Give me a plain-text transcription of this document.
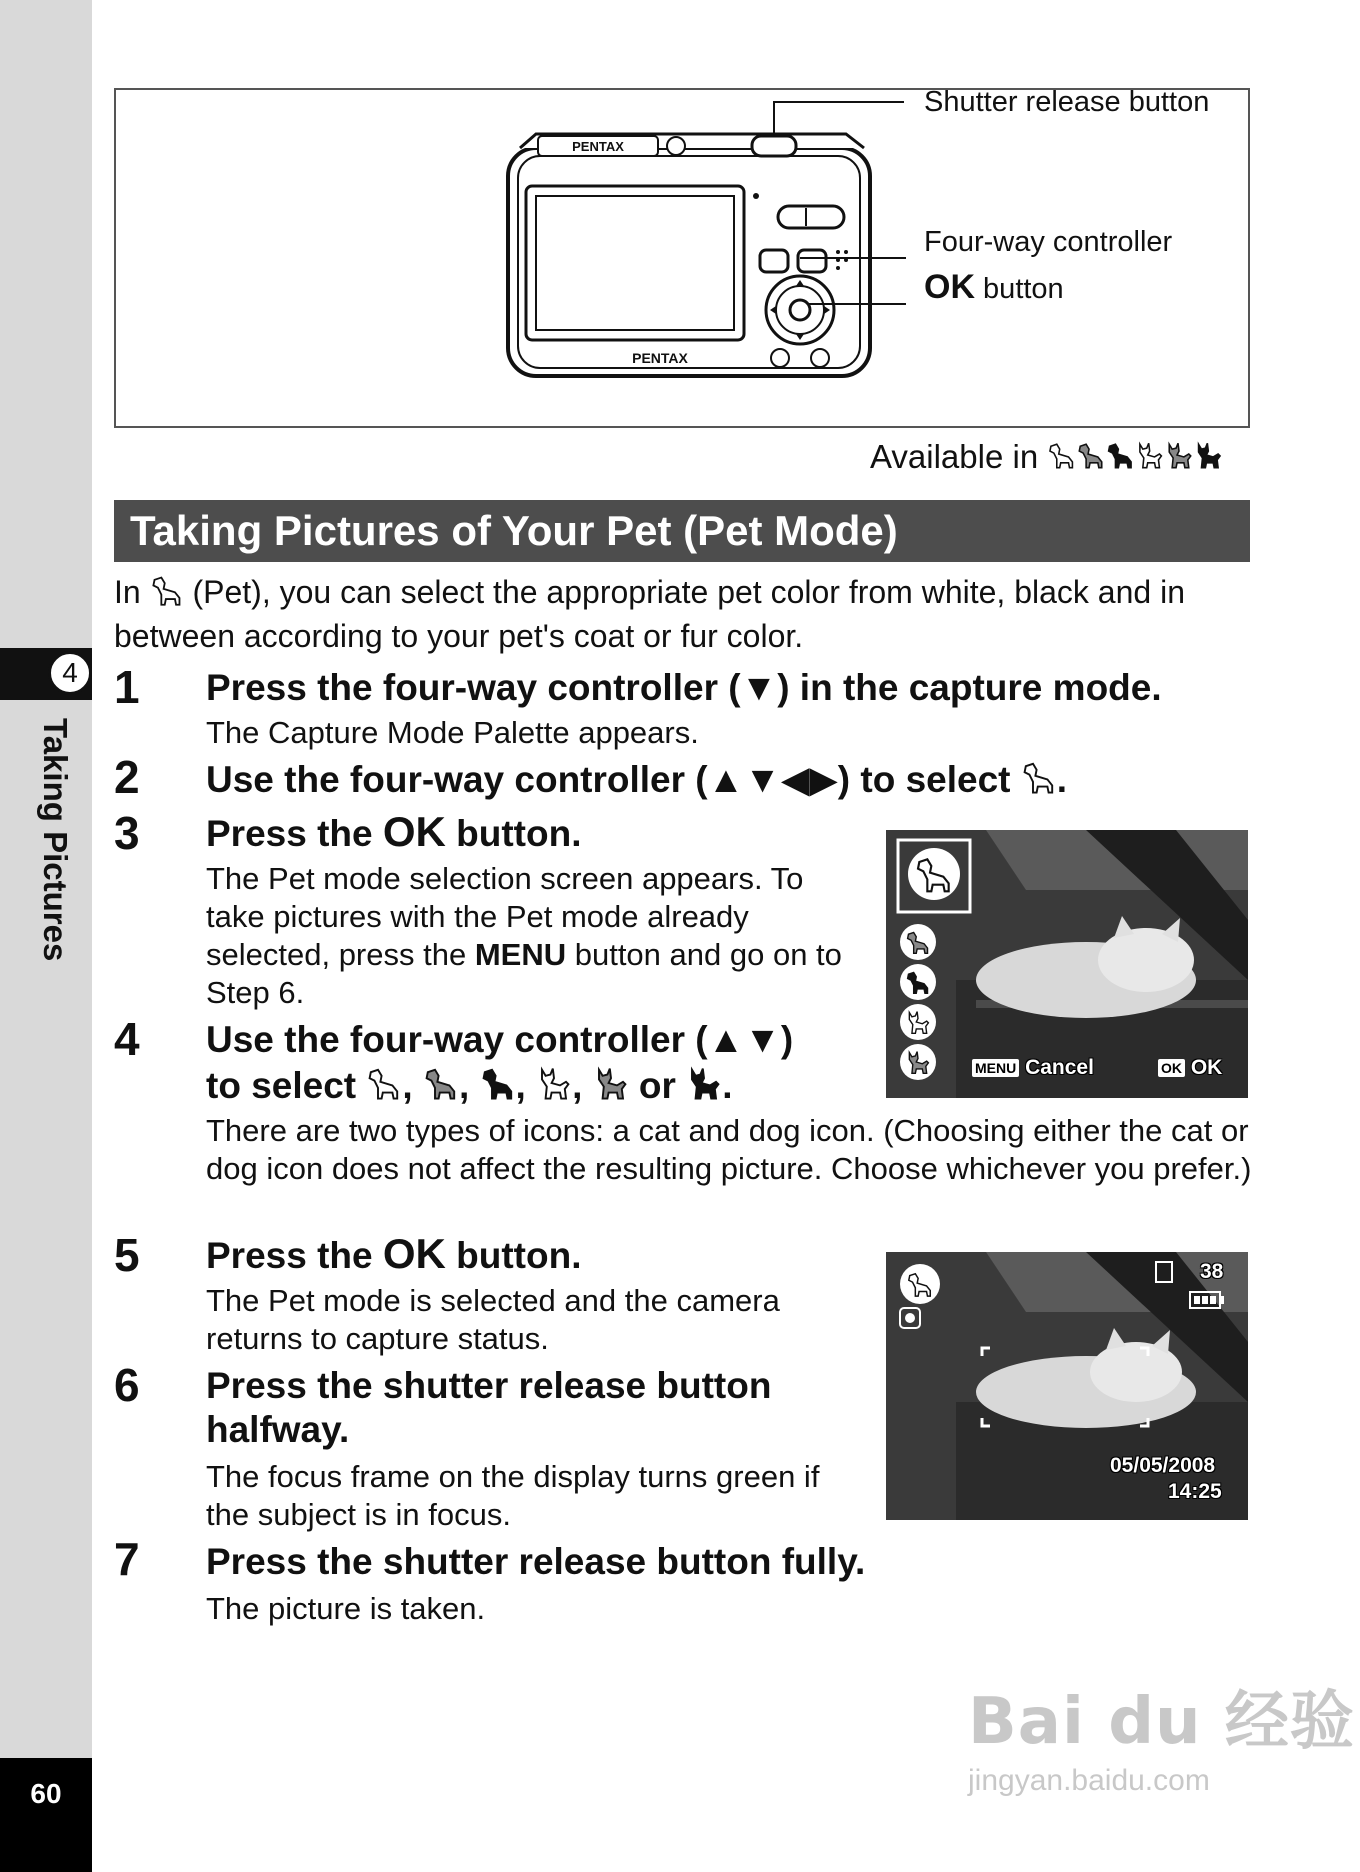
4
Taking Pictures
60
PENTAX
PENTAX
Shutter release button
Four-way controller
OK button
Available in
Taking Pictures of Your Pet (Pet Mode)
In  (Pet), you can select the appropriate pet color from white, black and in between according to your pet's coat or fur color.
1 Press the four-way controller (▼) in the capture mode.
The Capture Mode Palette appears.
2 Use the four-way controller (▲▼◀▶) to select .
3 Press the OK button.
The Pet mode selection screen appears. To take pictures with the Pet mode already selected, press the MENU button and go on to Step 6.
MENU Cancel	OK OK
4 Use the four-way controller (▲▼)
to select , , , ,  or .
There are two types of icons: a cat and dog icon. (Choosing either the cat or dog icon does not affect the resulting picture. Choose whichever you prefer.)
5 Press the OK button.
The Pet mode is selected and the camera returns to capture status.
38
05/05/2008
14:25
6 Press the shutter release button
halfway.
The focus frame on the display turns green if the subject is in focus.
7 Press the shutter release button fully.
The picture is taken.
Bai du 经验
jingyan.baidu.com
